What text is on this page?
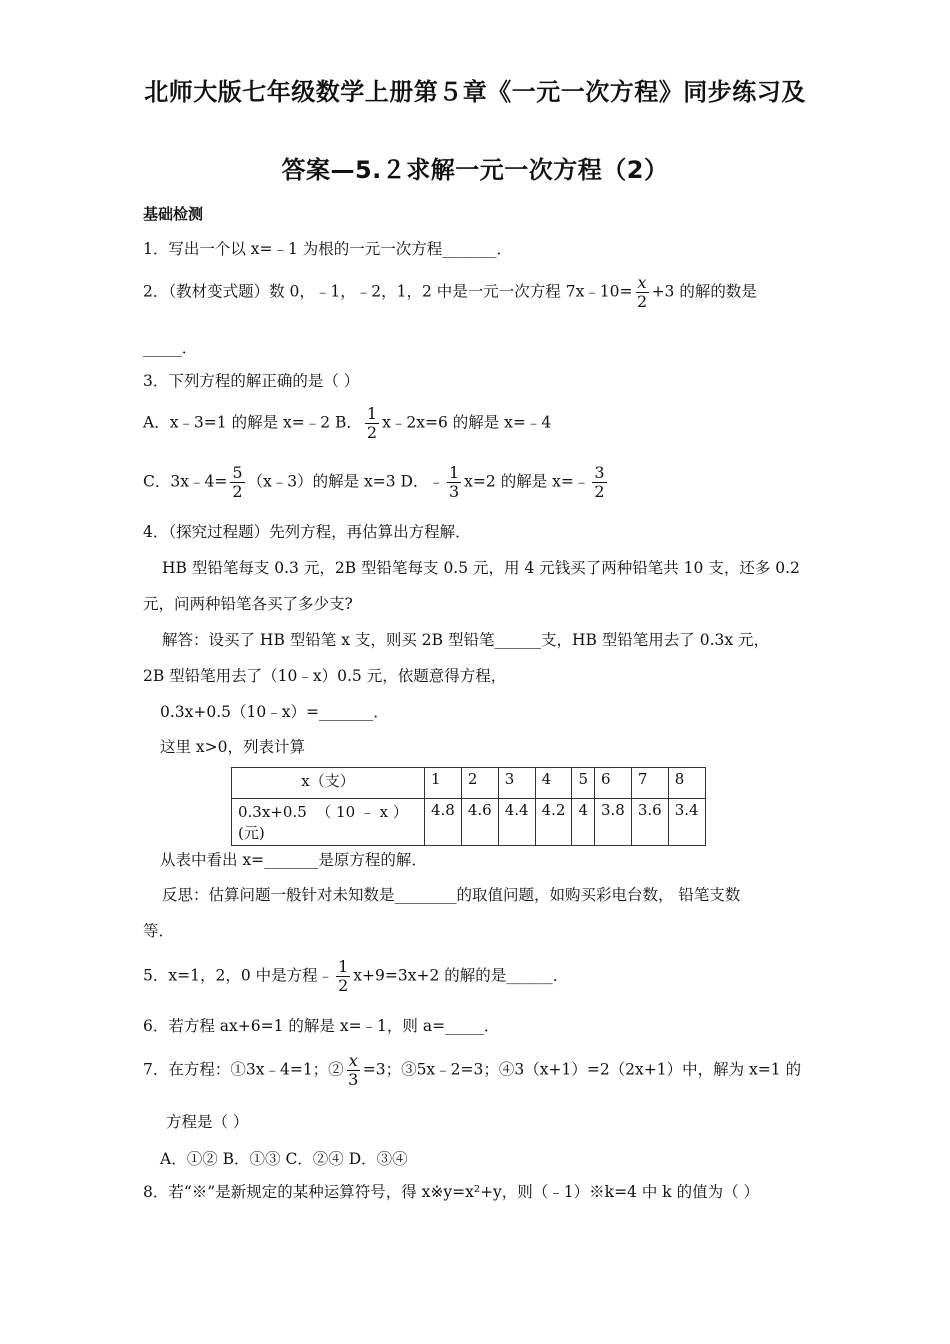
北师大版七年级数学上册第５章《一元一次方程》同步练习及
答案—5.２求解一元一次方程（2）
基础检测
1．写出一个以 x=﹣1 为根的一元一次方程_______．
2．（教材变式题）数 0，﹣1，﹣2，1，2 中是一元一次方程 7x﹣10= $\frac{x}{2} +3$ 的解的数是
_____．
3．下列方程的解正确的是（ ）
A．x﹣3=1 的解是 x=﹣2 B． $\frac{1}{2}$ x﹣2x=6 的解是 x=﹣4
C．3x﹣4= $\frac{5}{2}$ （x﹣3）的解是 x=3 D．﹣ $\frac{1}{3} x=2$ 的解是 x=﹣ $\frac{3}{2}$
4．（探究过程题）先列方程，再估算出方程解．
HB 型铅笔每支 0.3 元，2B 型铅笔每支 0.5 元，用 4 元钱买了两种铅笔共 10 支，还多 0.2
元，问两种铅笔各买了多少支?
解答：设买了 HB 型铅笔 x 支，则买 2B 型铅笔______支，HB 型铅笔用去了 0.3x 元，
2B 型铅笔用去了（10﹣x）0.5 元，依题意得方程，
0.3x+0.5（10﹣x）=_______．
这里 x>0，列表计算
x（支）	1	2	3	4	5	6	7	8

0.3x+0.5  （ 10 ﹣ x ）
(元)	4.8	4.6	4.4	4.2	4	3.8	3.6	3.4
从表中看出 x=_______是原方程的解．
反思：估算问题一般针对未知数是________的取值问题，如购买彩电台数， 铅笔支数
等．
5．x=1，2，0 中是方程﹣ $\frac{1}{2} x+9=3x+2$ 的解的是______．
6．若方程 ax+6=1 的解是 x=﹣1，则 a=_____．
7．在方程：①3x﹣4=1；② $\frac{x}{3} =3$；③5x﹣2=3；④3（x+1）=2（2x+1）中，解为 x=1 的
方程是（ ）
A．①② B．①③ C．②④ D．③④
8．若“※”是新规定的某种运算符号，得 x※y=x²+y，则（﹣1）※k=4 中 k 的值为（ ）
